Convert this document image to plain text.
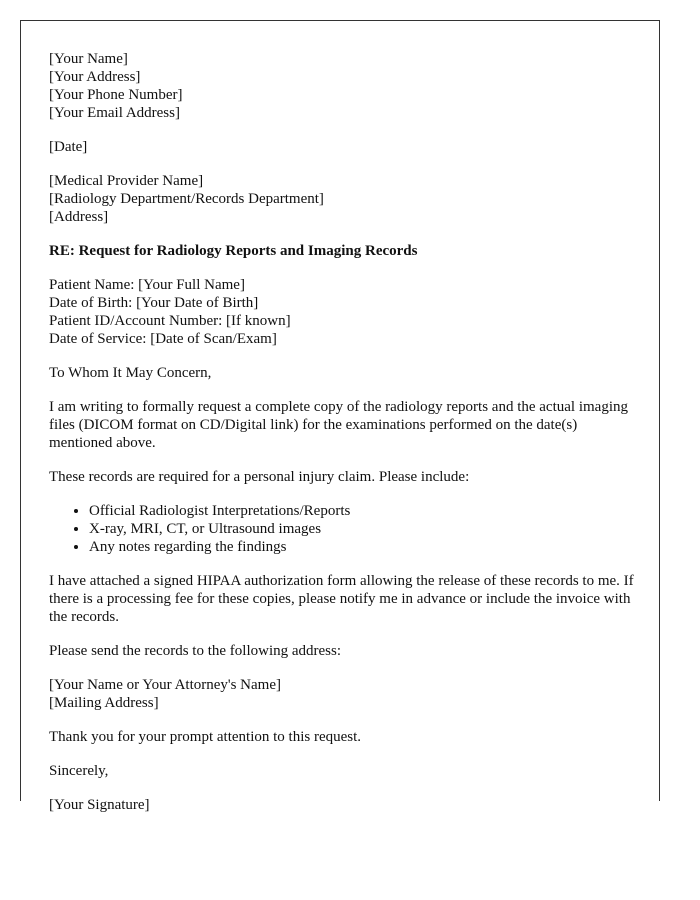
[Your Name]
[Your Address]
[Your Phone Number]
[Your Email Address]
[Date]
[Medical Provider Name]
[Radiology Department/Records Department]
[Address]
RE: Request for Radiology Reports and Imaging Records
Patient Name: [Your Full Name]
Date of Birth: [Your Date of Birth]
Patient ID/Account Number: [If known]
Date of Service: [Date of Scan/Exam]

To Whom It May Concern,

I am writing to formally request a complete copy of the radiology reports and the actual imaging files (DICOM format on CD/Digital link) for the examinations performed on the date(s) mentioned above.

These records are required for a personal injury claim. Please include:

• Official Radiologist Interpretations/Reports
• X-ray, MRI, CT, or Ultrasound images
• Any notes regarding the findings

I have attached a signed HIPAA authorization form allowing the release of these records to me. If there is a processing fee for these copies, please notify me in advance or include the invoice with the records.

Please send the records to the following address:

[Your Name or Your Attorney's Name]
[Mailing Address]

Thank you for your prompt attention to this request.

Sincerely,

[Your Signature]
